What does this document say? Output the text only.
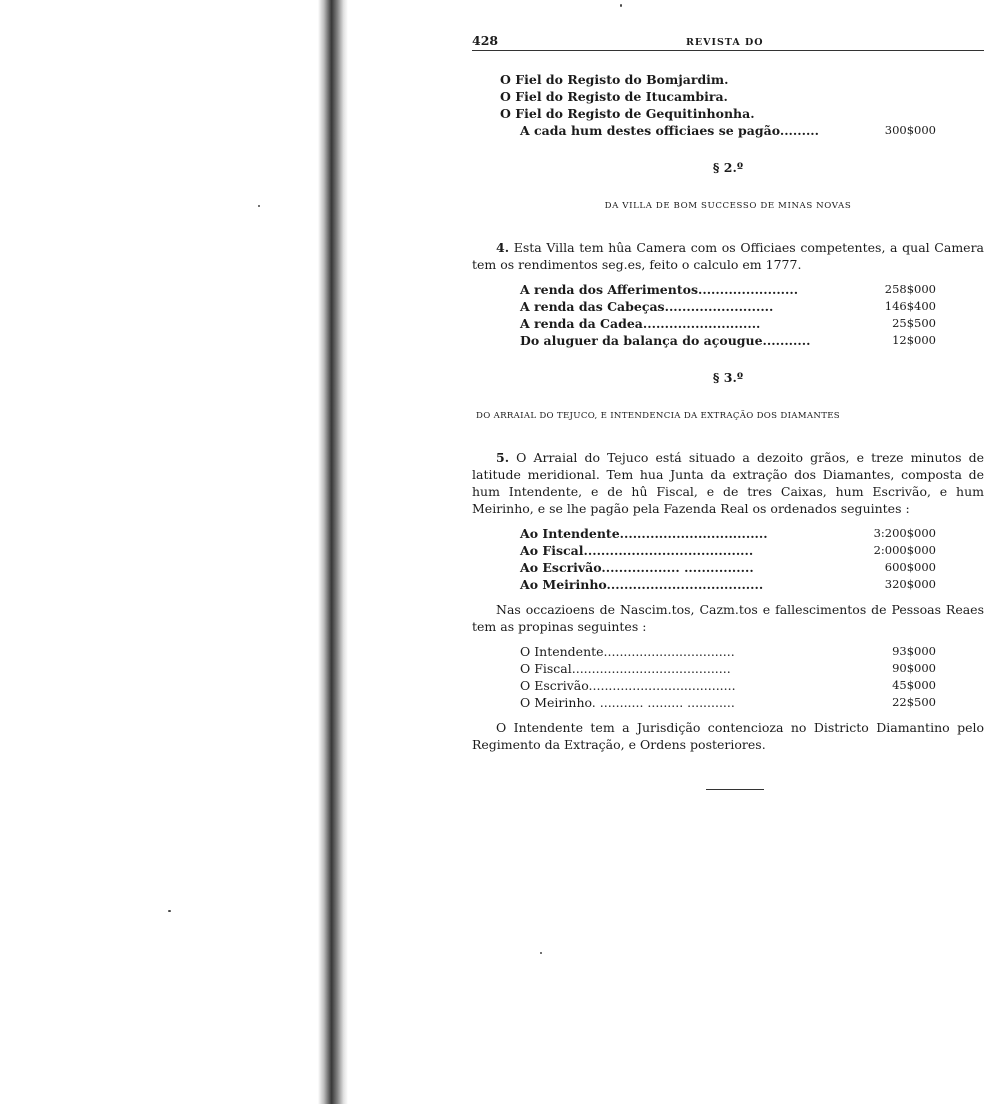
428	REVISTA DO
O Fiel do Registo do Bomjardim.
O Fiel do Registo de Itucambira.
O Fiel do Registo de Gequitinhonha.
A cada hum destes officiaes se pagão.........	300$000
§ 2.º
DA VILLA DE BOM SUCCESSO DE MINAS NOVAS

4. Esta Villa tem hûa Camera com os Officiaes competentes, a qual Camera tem os rendimentos seg.es, feito o calculo em 1777.

A renda dos Afferimentos.......................	258$000
A renda das Cabeças.........................	146$400
A renda da Cadea...........................	25$500
Do aluguer da balança do açougue...........	12$000
§ 3.º
DO ARRAIAL DO TEJUCO, E INTENDENCIA DA EXTRAÇÃO DOS DIAMANTES

5. O Arraial do Tejuco está situado a dezoito grãos, e treze minutos de latitude meridional. Tem hua Junta da extração dos Diamantes, composta de hum Intendente, e de hû Fiscal, e de tres Caixas, hum Escrivão, e hum Meirinho, e se lhe pagão pela Fazenda Real os ordenados seguintes :

Ao Intendente..................................	3:200$000
Ao Fiscal.......................................	2:000$000
Ao Escrivão.................. ................	600$000
Ao Meirinho....................................	320$000

Nas occazioens de Nascim.tos, Cazm.tos e fallescimentos de Pessoas Reaes tem as propinas seguintes :

O Intendente.................................	93$000
O Fiscal........................................	90$000
O Escrivão.....................................	45$000
O Meirinho. ........... ......... ............	22$500

O Intendente tem a Jurisdição contencioza no Districto Diamantino pelo Regimento da Extração, e Ordens posteriores.
